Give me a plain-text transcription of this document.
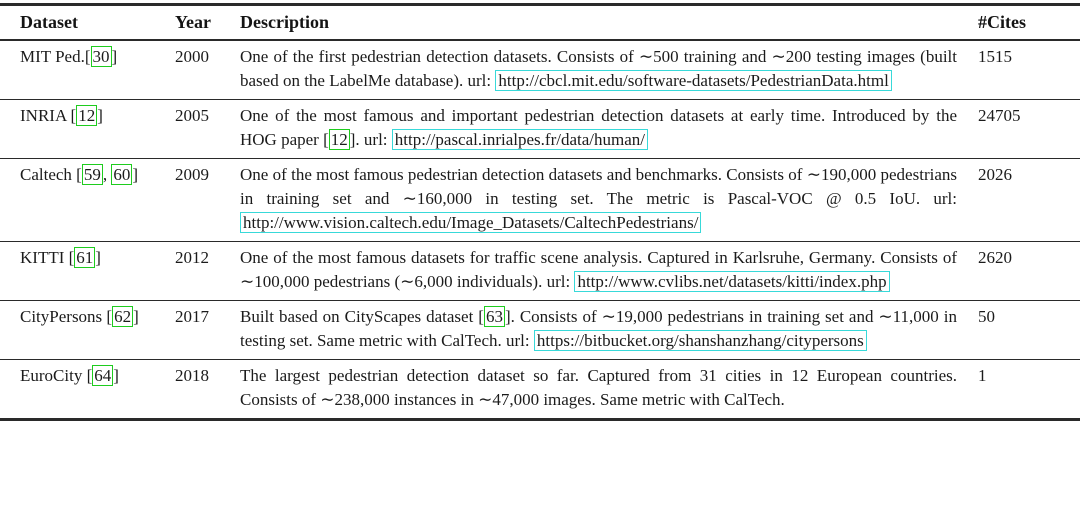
Dataset	Year	Description	#Cites
MIT Ped.[ 30 ]	2000	One of the first pedestrian detection datasets. Consists of ∼500 training and ∼200 testing images (built based on the LabelMe database). url: http://cbcl.mit.edu/software-datasets/PedestrianData.html	1515
INRIA [ 12 ]	2005	One of the most famous and important pedestrian detection datasets at early time. Introduced by the HOG paper [ 12 ]. url: http://pascal.inrialpes.fr/data/human/	24705
Caltech [ 59 , 60 ]	2009	One of the most famous pedestrian detection datasets and benchmarks. Consists of ∼190,000 pedestrians in training set and ∼160,000 in testing set. The metric is Pascal-VOC @ 0.5 IoU. url: http://www.vision.caltech.edu/Image_Datasets/CaltechPedestrians/	2026
KITTI [ 61 ]	2012	One of the most famous datasets for traffic scene analysis. Captured in Karlsruhe, Germany. Consists of ∼100,000 pedestrians (∼6,000 individuals). url: http://www.cvlibs.net/datasets/kitti/index.php	2620
CityPersons [ 62 ]	2017	Built based on CityScapes dataset [ 63 ]. Consists of ∼19,000 pedestrians in training set and ∼11,000 in testing set. Same metric with CalTech. url: https://bitbucket.org/shanshanzhang/citypersons	50
EuroCity [ 64 ]	2018	The largest pedestrian detection dataset so far. Captured from 31 cities in 12 European countries. Consists of ∼238,000 instances in ∼47,000 images. Same metric with CalTech.	1
